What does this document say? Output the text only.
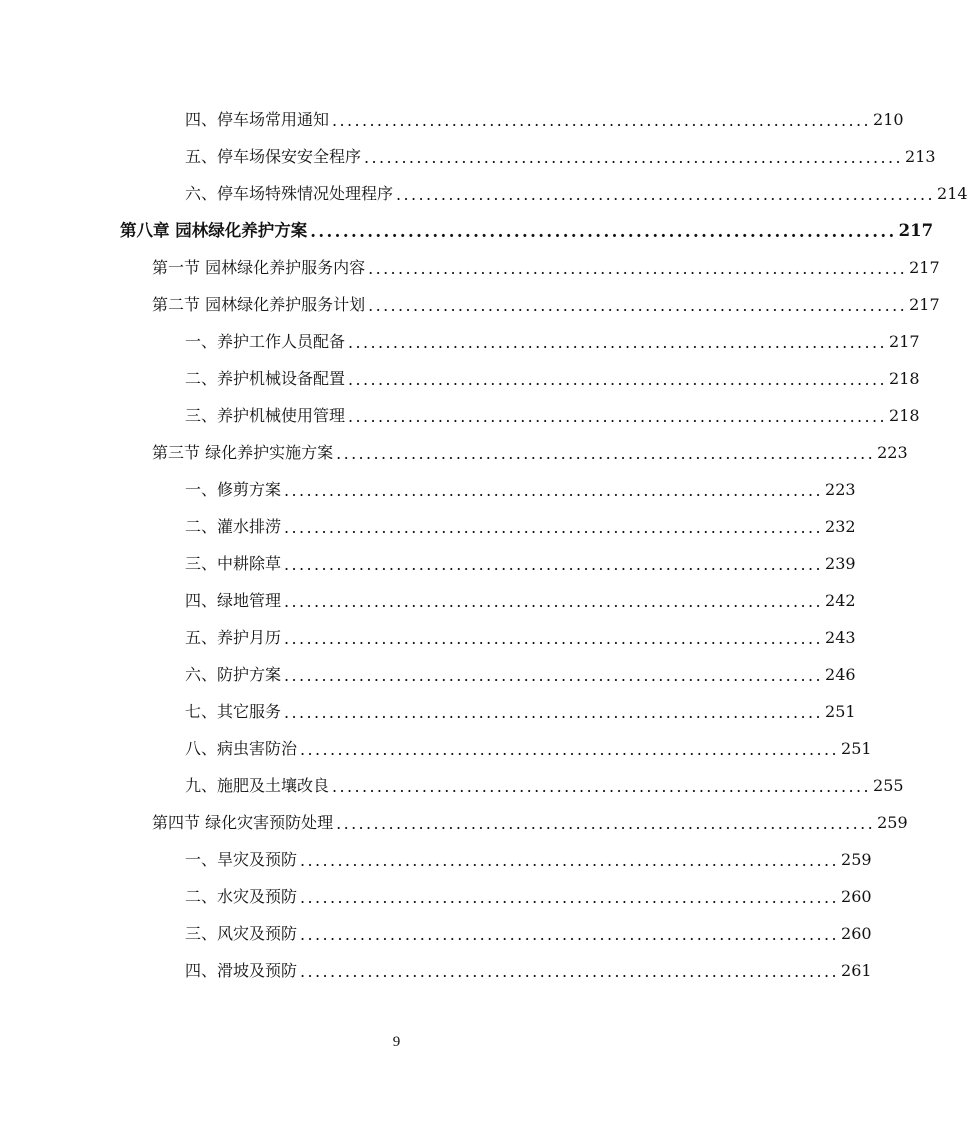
四、停车场常用通知 ........................................................................ 210
五、停车场保安安全程序 ........................................................................ 213
六、停车场特殊情况处理程序 ........................................................................ 214
第八章 园林绿化养护方案 ........................................................................ 217
第一节 园林绿化养护服务内容 ........................................................................ 217
第二节 园林绿化养护服务计划 ........................................................................ 217
一、养护工作人员配备 ........................................................................ 217
二、养护机械设备配置 ........................................................................ 218
三、养护机械使用管理 ........................................................................ 218
第三节 绿化养护实施方案 ........................................................................ 223
一、修剪方案 ........................................................................ 223
二、灌水排涝 ........................................................................ 232
三、中耕除草 ........................................................................ 239
四、绿地管理 ........................................................................ 242
五、养护月历 ........................................................................ 243
六、防护方案 ........................................................................ 246
七、其它服务 ........................................................................ 251
八、病虫害防治 ........................................................................ 251
九、施肥及土壤改良 ........................................................................ 255
第四节 绿化灾害预防处理 ........................................................................ 259
一、旱灾及预防 ........................................................................ 259
二、水灾及预防 ........................................................................ 260
三、风灾及预防 ........................................................................ 260
四、滑坡及预防 ........................................................................ 261
9
